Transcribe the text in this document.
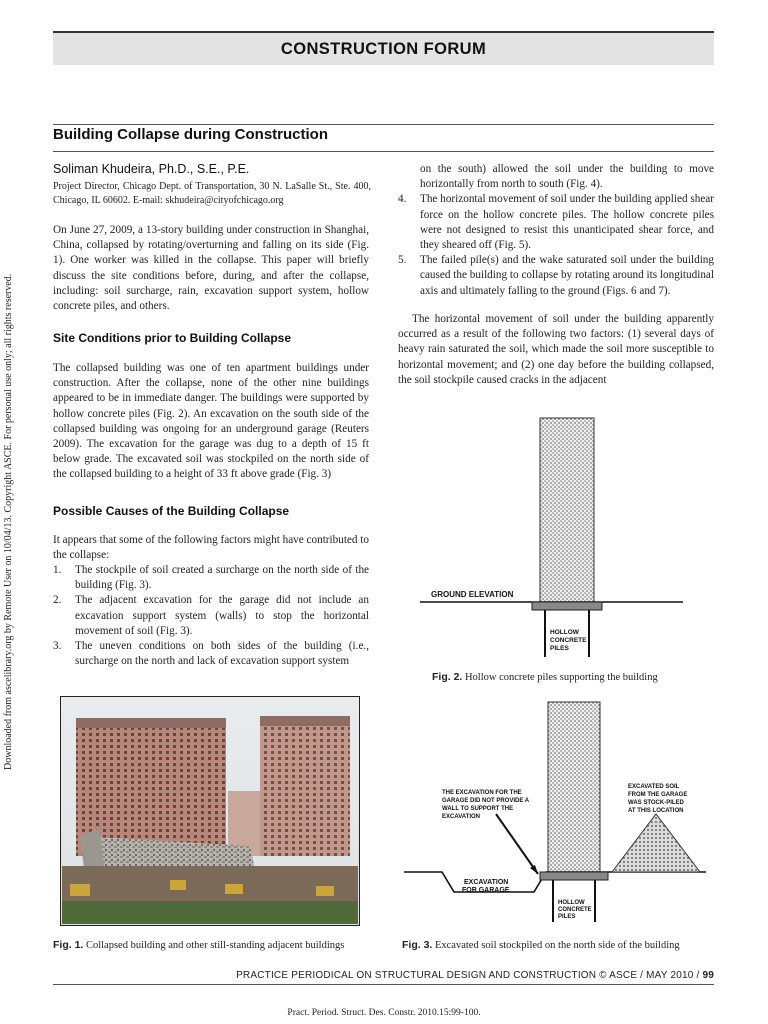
CONSTRUCTION FORUM
Building Collapse during Construction
Downloaded from ascelibrary.org by Remote User on 10/04/13. Copyright ASCE. For personal use only; all rights reserved.
Soliman Khudeira, Ph.D., S.E., P.E.
Project Director, Chicago Dept. of Transportation, 30 N. LaSalle St., Ste. 400, Chicago, IL 60602. E-mail: skhudeira@cityofchicago.org

On June 27, 2009, a 13-story building under construction in Shanghai, China, collapsed by rotating/overturning and falling on its side (Fig. 1). One worker was killed in the collapse. This paper will briefly discuss the site conditions before, during, and after the collapse, including: soil surcharge, rain, excavation support system, hollow concrete piles, and others.

Site Conditions prior to Building Collapse

The collapsed building was one of ten apartment buildings under construction. After the collapse, none of the other nine buildings appeared to be in immediate danger. The buildings were supported by hollow concrete piles (Fig. 2). An excavation on the south side of the collapsed building was ongoing for an underground garage (Reuters 2009). The excavation for the garage was dug to a depth of 15 ft below grade. The excavated soil was stockpiled on the north side of the collapsed building to a height of 33 ft above grade (Fig. 3)

Possible Causes of the Building Collapse

It appears that some of the following factors might have contributed to the collapse:

1. The stockpile of soil created a surcharge on the north side of the building (Fig. 3).
2. The adjacent excavation for the garage did not include an excavation support system (walls) to stop the horizontal movement of soil (Fig. 3).
3. The uneven conditions on both sides of the building (i.e., surcharge on the north and lack of excavation support system
on the south) allowed the soil under the building to move horizontally from north to south (Fig. 4).
4. The horizontal movement of soil under the building applied shear force on the hollow concrete piles. The hollow concrete piles were not designed to resist this unanticipated shear force, and they sheared off (Fig. 5).
5. The failed pile(s) and the wake saturated soil under the building caused the building to collapse by rotating around its longitudinal axis and ultimately falling to the ground (Figs. 6 and 7).

The horizontal movement of soil under the building apparently occurred as a result of the following two factors: (1) several days of heavy rain saturated the soil, which made the soil more susceptible to horizontal movement; and (2) one day before the building collapsed, the soil stockpile caused cracks in the adjacent

GROUND ELEVATION
HOLLOW
CONCRETE
PILES
Fig. 2. Hollow concrete piles supporting the building
Fig. 1. Collapsed building and other still-standing adjacent buildings
THE EXCAVATION FOR THE
GARAGE DID NOT PROVIDE A
WALL TO SUPPORT THE
EXCAVATION
EXCAVATED SOIL
FROM THE GARAGE
WAS STOCK-PILED
AT THIS LOCATION
EXCAVATION
FOR GARAGE
HOLLOW
CONCRETE
PILES
Fig. 3. Excavated soil stockpiled on the north side of the building
PRACTICE PERIODICAL ON STRUCTURAL DESIGN AND CONSTRUCTION © ASCE / MAY 2010 / 99
Pract. Period. Struct. Des. Constr. 2010.15:99-100.
